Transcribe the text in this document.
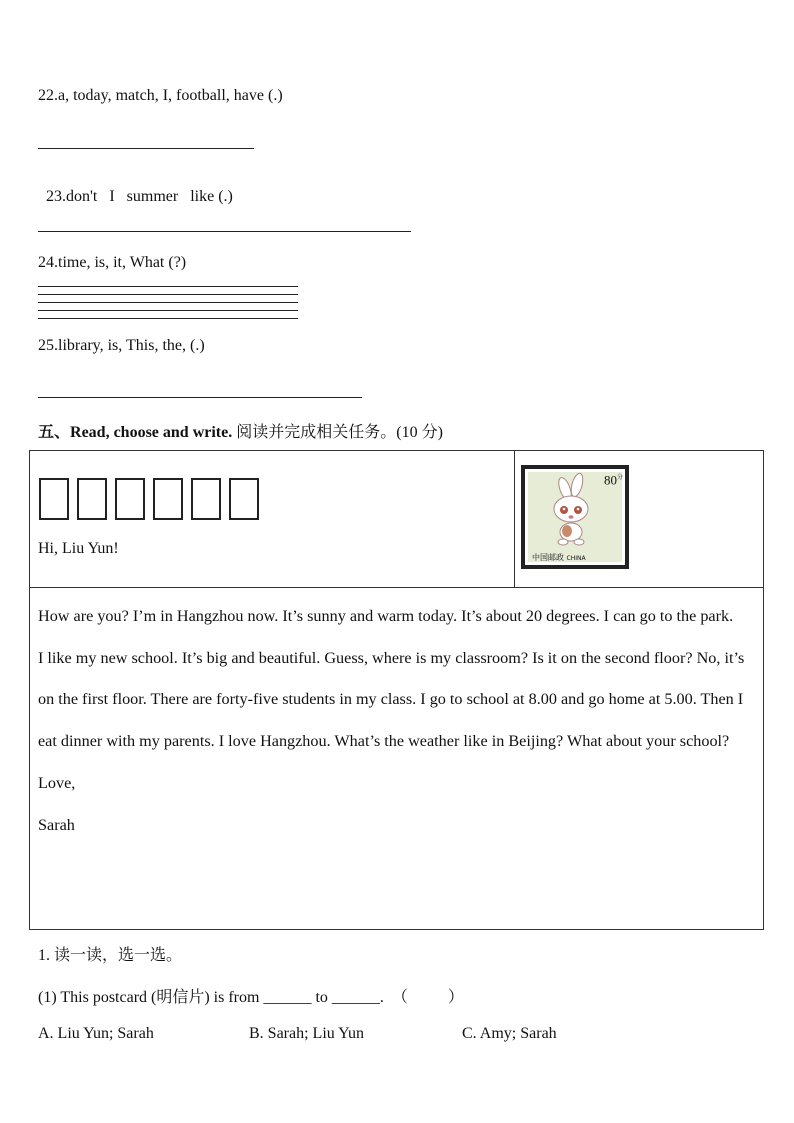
22.a, today, match, I, football, have (.)

23.don't   I   summer   like (.)

24.time, is, it, What (?)
25.library, is, This, the, (.)
五、Read, choose and write. 阅读并完成相关任务。(10 分)
Hi, Liu Yun!
$80^分$
中国邮政 CHINA

How are you? I’m in Hangzhou now. It’s sunny and warm today. It’s about 20 degrees. I can go to the park.

I like my new school. It’s big and beautiful. Guess, where is my classroom? Is it on the second floor? No, it’s on the first floor. There are forty-five students in my class. I go to school at 8.00 and go home at 5.00. Then I eat dinner with my parents. I love Hangzhou. What’s the weather like in Beijing? What about your school?

Love,

Sarah

1. 读一读，选一选。
(1) This postcard (明信片) is from ______ to ______.  （          ）
A. Liu Yun; Sarah	B. Sarah; Liu Yun	C. Amy; Sarah
